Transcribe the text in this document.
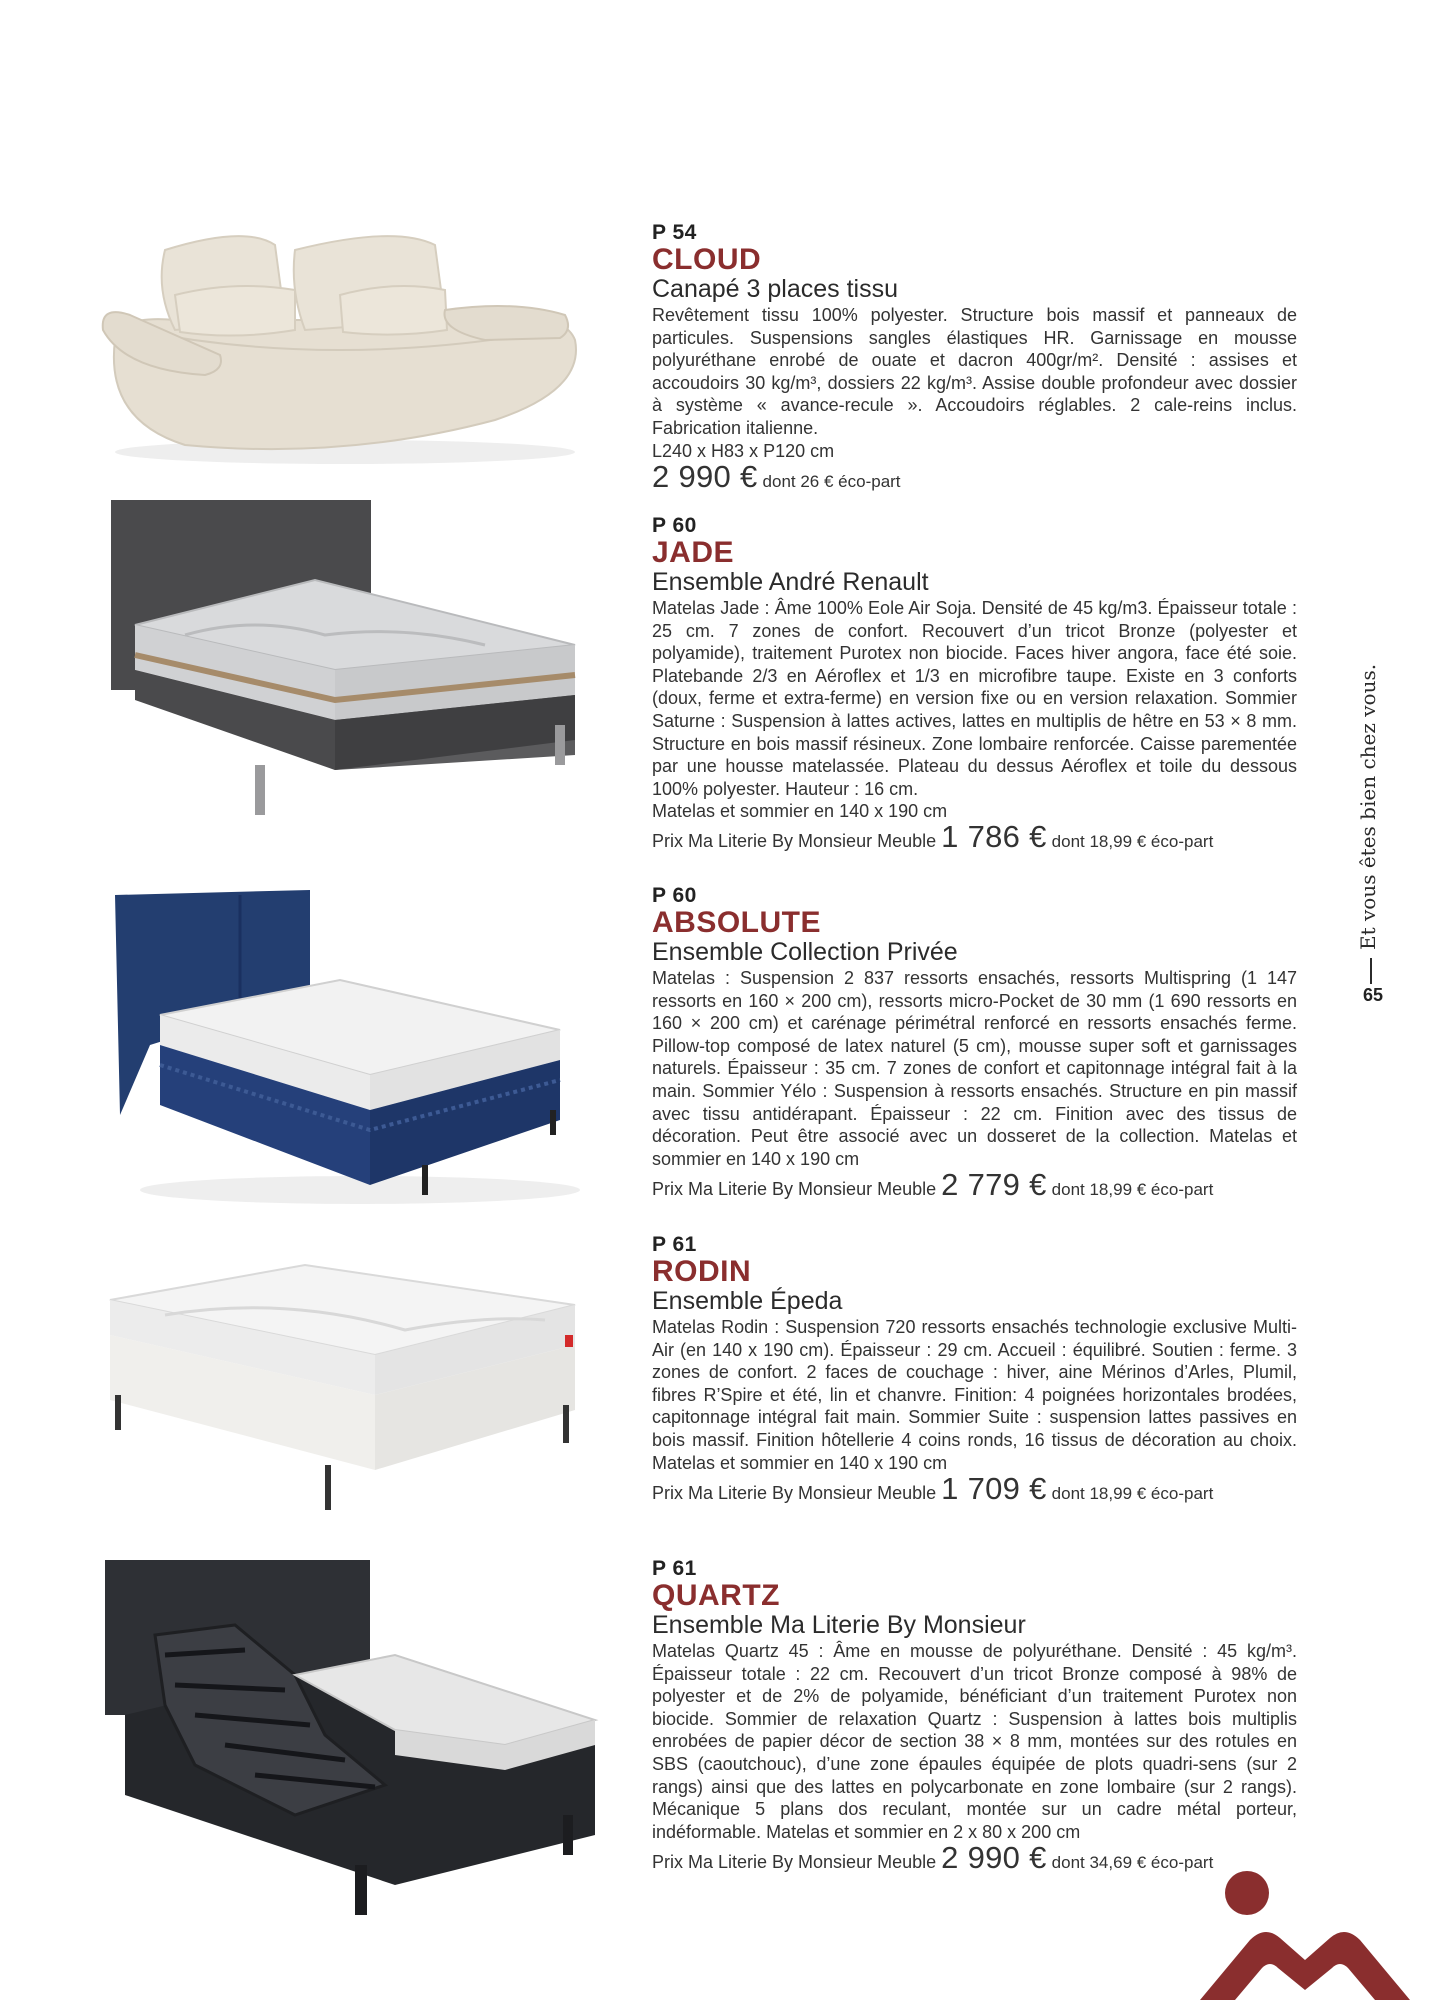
P 54
CLOUD
Canapé 3 places tissu
Revêtement tissu 100% polyester. Structure bois massif et panneaux de particules. Suspensions sangles élastiques HR. Garnissage en mousse polyuréthane enrobé de ouate et dacron 400gr/m². Densité : assises et accoudoirs 30 kg/m³, dossiers 22 kg/m³. Assise double profondeur avec dossier à système « avance-recule ». Accoudoirs réglables. 2 cale-reins inclus. Fabrication italienne.
L240 x H83 x P120 cm
2 990 € dont 26 € éco-part
P 60
JADE
Ensemble André Renault
Matelas Jade : Âme 100% Eole Air Soja. Densité de 45 kg/m3. Épaisseur totale : 25 cm. 7 zones de confort. Recouvert d’un tricot Bronze (polyester et polyamide), traitement Purotex non biocide. Faces hiver angora, face été soie. Platebande 2/3 en Aéroflex et 1/3 en microfibre taupe. Existe en 3 conforts (doux, ferme et extra-ferme) en version fixe ou en version relaxation. Sommier Saturne : Suspension à lattes actives, lattes en multiplis de hêtre en 53 × 8 mm. Structure en bois massif résineux. Zone lombaire renforcée. Caisse parementée par une housse matelassée. Plateau du dessus Aéroflex et toile du dessous 100% polyester. Hauteur : 16 cm.
Matelas et sommier en 140 x 190 cm
Prix Ma Literie By Monsieur Meuble 1 786 € dont 18,99 € éco-part
P 60
ABSOLUTE
Ensemble Collection Privée
Matelas : Suspension 2 837 ressorts ensachés, ressorts Multispring (1 147 ressorts en 160 × 200 cm), ressorts micro-Pocket de 30 mm (1 690 ressorts en 160 × 200 cm) et carénage périmétral renforcé en ressorts ensachés ferme. Pillow-top composé de latex naturel (5 cm), mousse super soft et garnissages naturels. Épaisseur : 35 cm. 7 zones de confort et capitonnage intégral fait à la main. Sommier Yélo : Suspension à ressorts ensachés. Structure en pin massif avec tissu antidérapant. Épaisseur : 22 cm. Finition avec des tissus de décoration. Peut être associé avec un dosseret de la collection. Matelas et sommier en 140 x 190 cm
Prix Ma Literie By Monsieur Meuble 2 779 € dont 18,99 € éco-part
P 61
RODIN
Ensemble Épeda
Matelas Rodin : Suspension 720 ressorts ensachés technologie exclusive Multi-Air (en 140 x 190 cm). Épaisseur : 29 cm. Accueil : équilibré. Soutien : ferme. 3 zones de confort. 2 faces de couchage : hiver, aine Mérinos d’Arles, Plumil, fibres R’Spire et été, lin et chanvre. Finition: 4 poignées horizontales brodées, capitonnage intégral fait main. Sommier Suite : suspension lattes passives en bois massif. Finition hôtellerie 4 coins ronds, 16 tissus de décoration au choix. Matelas et sommier en 140 x 190 cm
Prix Ma Literie By Monsieur Meuble 1 709 € dont 18,99 € éco-part
P 61
QUARTZ
Ensemble Ma Literie By Monsieur
Matelas Quartz 45 : Âme en mousse de polyuréthane. Densité : 45 kg/m³. Épaisseur totale : 22 cm. Recouvert d’un tricot Bronze composé à 98% de polyester et de 2% de polyamide, bénéficiant d’un traitement Purotex non biocide. Sommier de relaxation Quartz : Suspension à lattes bois multiplis enrobées de papier décor de section 38 × 8 mm, montées sur des rotules en SBS (caoutchouc), d’une zone épaules équipée de plots quadri-sens (sur 2 rangs) ainsi que des lattes en polycarbonate en zone lombaire (sur 2 rangs). Mécanique 5 plans dos reculant, montée sur un cadre métal porteur, indéformable. Matelas et sommier en 2 x 80 x 200 cm
Prix Ma Literie By Monsieur Meuble 2 990 € dont 34,69 € éco-part
Et vous êtes bien chez vous.
65
